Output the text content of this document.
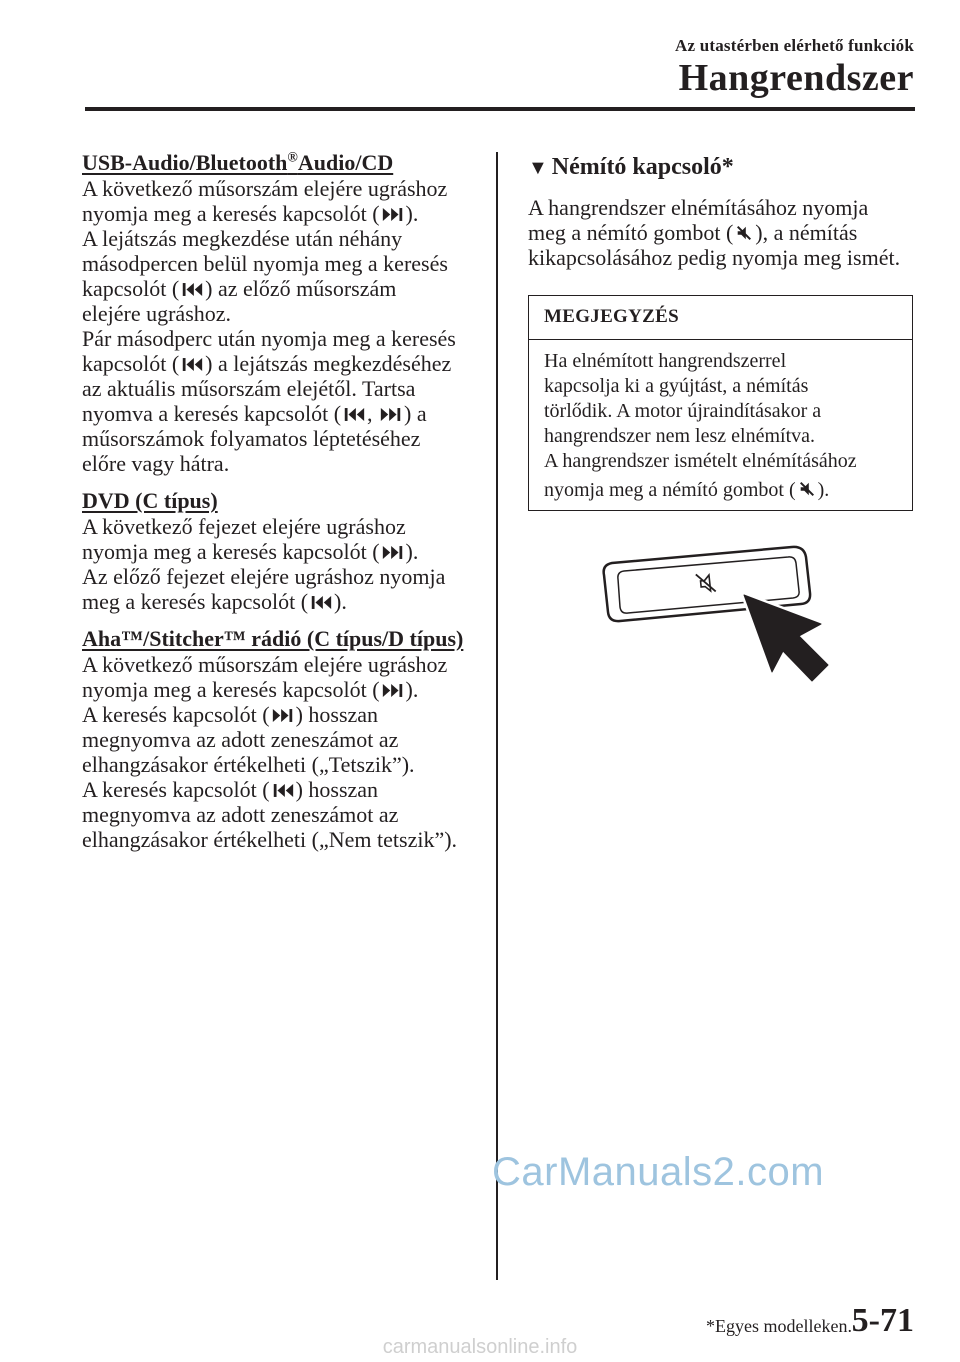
Az utastérben elérhető funkciók
Hangrendszer
USB-Audio/Bluetooth®Audio/CD

A következő műsorszám elejére ugráshoz
nyomja meg a keresés kapcsolót ( ).
A lejátszás megkezdése után néhány
másodpercen belül nyomja meg a keresés
kapcsolót ( ) az előző műsorszám
elejére ugráshoz.
Pár másodperc után nyomja meg a keresés
kapcsolót ( ) a lejátszás megkezdéséhez
az aktuális műsorszám elejétől. Tartsa
nyomva a keresés kapcsolót ( , ) a
műsorszámok folyamatos léptetéséhez
előre vagy hátra.

DVD (C típus)

A következő fejezet elejére ugráshoz
nyomja meg a keresés kapcsolót ( ).
Az előző fejezet elejére ugráshoz nyomja
meg a keresés kapcsolót ( ).

Aha™/Stitcher™ rádió (C típus/D típus)

A következő műsorszám elejére ugráshoz
nyomja meg a keresés kapcsolót ( ).
A keresés kapcsolót ( ) hosszan
megnyomva az adott zeneszámot az
elhangzásakor értékelheti („Tetszik”).
A keresés kapcsolót ( ) hosszan
megnyomva az adott zeneszámot az
elhangzásakor értékelheti („Nem tetszik”).

▼ Némító kapcsoló*

A hangrendszer elnémításához nyomja
meg a némító gombot ( ), a némítás
kikapcsolásához pedig nyomja meg ismét.

MEGJEGYZÉS
Ha elnémított hangrendszerrel
kapcsolja ki a gyújtást, a némítás
törlődik. A motor újraindításakor a
hangrendszer nem lesz elnémítva.
A hangrendszer ismételt elnémításához
nyomja meg a némító gombot ( ).
CarManuals2.com
*Egyes modelleken. 5-71
carmanualsonline.info
